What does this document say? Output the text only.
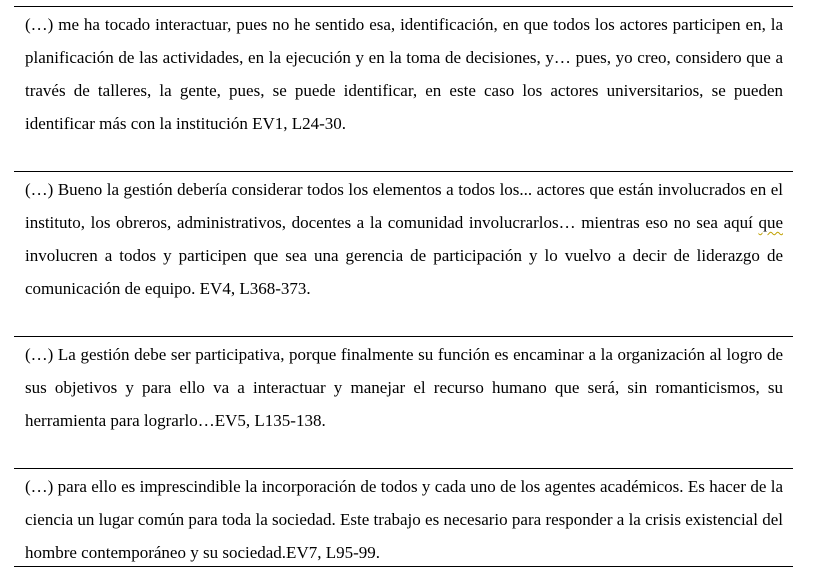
(…) me ha tocado interactuar, pues no he sentido esa, identificación, en que todos los actores participen en, la planificación de las actividades, en la ejecución y en la toma de decisiones, y… pues, yo creo, considero que a través de talleres, la gente, pues, se puede identificar, en este caso los actores universitarios, se pueden identificar más con la institución EV1, L24-30.

(…) Bueno la gestión debería considerar todos los elementos a todos los... actores que están involucrados en el instituto, los obreros, administrativos, docentes a la comunidad involucrarlos… mientras eso no sea aquí que involucren a todos y participen que sea una gerencia de participación y lo vuelvo a decir de liderazgo de comunicación de equipo. EV4, L368-373.

(…) La gestión debe ser participativa, porque finalmente su función es encaminar a la organización al logro de sus objetivos y para ello va a interactuar y manejar el recurso humano que será, sin romanticismos, su herramienta para lograrlo…EV5, L135-138.

(…) para ello es imprescindible la incorporación de todos y cada uno de los agentes académicos. Es hacer de la ciencia un lugar común para toda la sociedad. Este trabajo es necesario para responder a la crisis existencial del hombre contemporáneo y su sociedad.EV7, L95-99.
